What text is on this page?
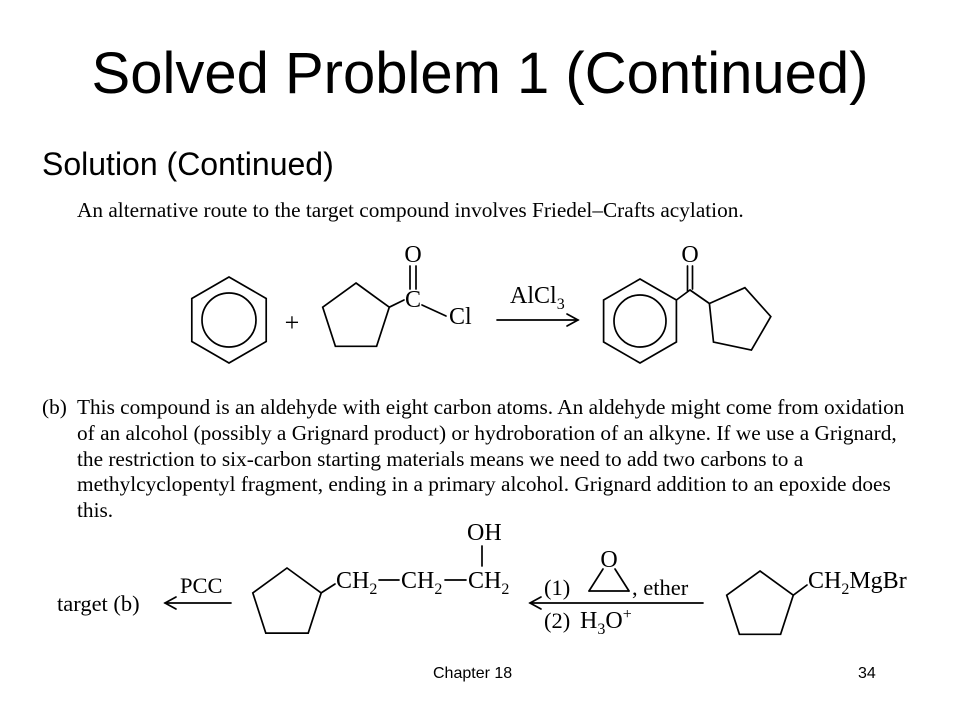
Solved Problem 1 (Continued)
Solution (Continued)
An alternative route to the target compound involves Friedel–Crafts acylation.
+
C
O
Cl
AlCl$_3$
O
(b) This compound is an aldehyde with eight carbon atoms. An aldehyde might come from oxidation
of an alcohol (possibly a Grignard product) or hydroboration of an alkyne. If we use a Grignard,
the restriction to six-carbon starting materials means we need to add two carbons to a
methylcyclopentyl fragment, ending in a primary alcohol. Grignard addition to an epoxide does
this.
target (b)
PCC	$CH_2$ $CH_2$ $CH_2$
OH
(1)
O
, ether
(2) $H_3O^+$
$CH_2MgBr$
Chapter 18	34
